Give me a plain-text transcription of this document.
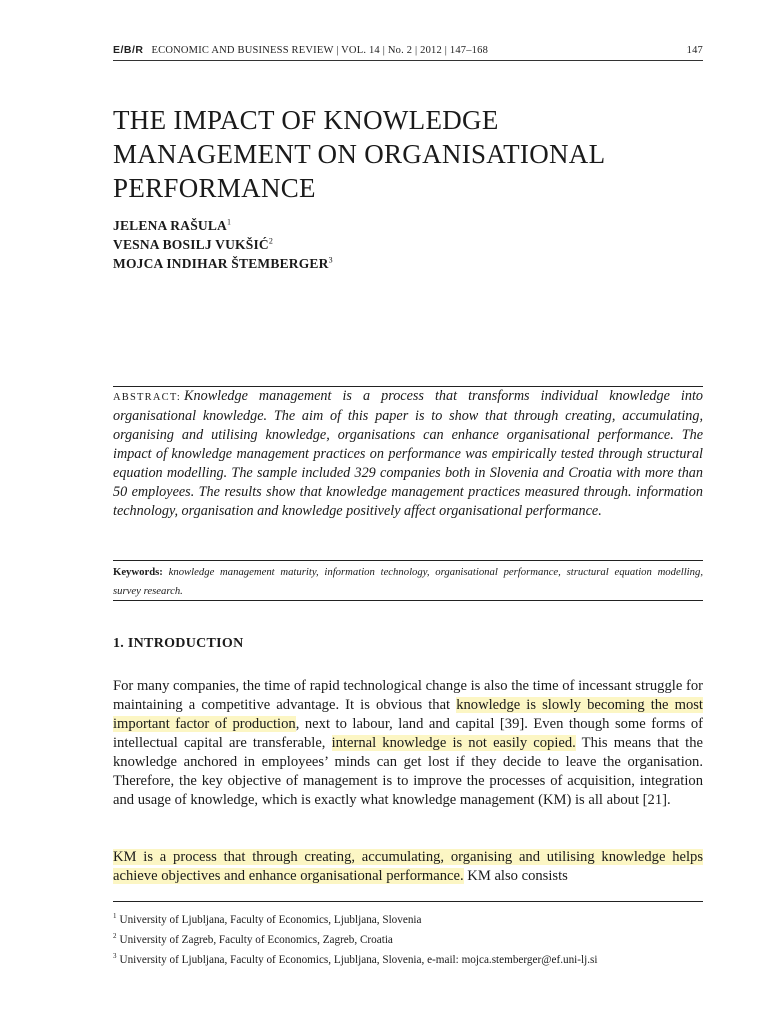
E/B/R ECONOMIC AND BUSINESS REVIEW | VOL. 14 | No. 2 | 2012 | 147–168	147
THE IMPACT OF KNOWLEDGE
MANAGEMENT ON ORGANISATIONAL
PERFORMANCE
JELENA RAŠULA$^1$
VESNA BOSILJ VUKŠIĆ$^2$
MOJCA INDIHAR ŠTEMBERGER$^3$

ABSTRACT: Knowledge management is a process that transforms individual knowledge into organisational knowledge. The aim of this paper is to show that through creating, accumulating, organising and utilising knowledge, organisations can enhance organisational performance. The impact of knowledge management practices on performance was empirically tested through structural equation modelling. The sample included 329 companies both in Slovenia and Croatia with more than 50 employees. The results show that knowledge management practices measured through. information technology, organisation and knowledge positively affect organisational performance.

Keywords: knowledge management maturity, information technology, organisational performance, structural equation modelling, survey research.

1. INTRODUCTION

For many companies, the time of rapid technological change is also the time of incessant struggle for maintaining a competitive advantage. It is obvious that knowledge is slowly becoming the most important factor of production, next to labour, land and capital [39]. Even though some forms of intellectual capital are transferable, internal knowledge is not easily copied. This means that the knowledge anchored in employees’ minds can get lost if they decide to leave the organisation. Therefore, the key objective of management is to improve the processes of acquisition, integration and usage of knowledge, which is exactly what knowledge management (KM) is all about [21].

KM is a process that through creating, accumulating, organising and utilising knowledge helps achieve objectives and enhance organisational performance. KM also consists

$^1$ University of Ljubljana, Faculty of Economics, Ljubljana, Slovenia
$^2$ University of Zagreb, Faculty of Economics, Zagreb, Croatia
$^3$ University of Ljubljana, Faculty of Economics, Ljubljana, Slovenia, e-mail: mojca.stemberger@ef.uni-lj.si
